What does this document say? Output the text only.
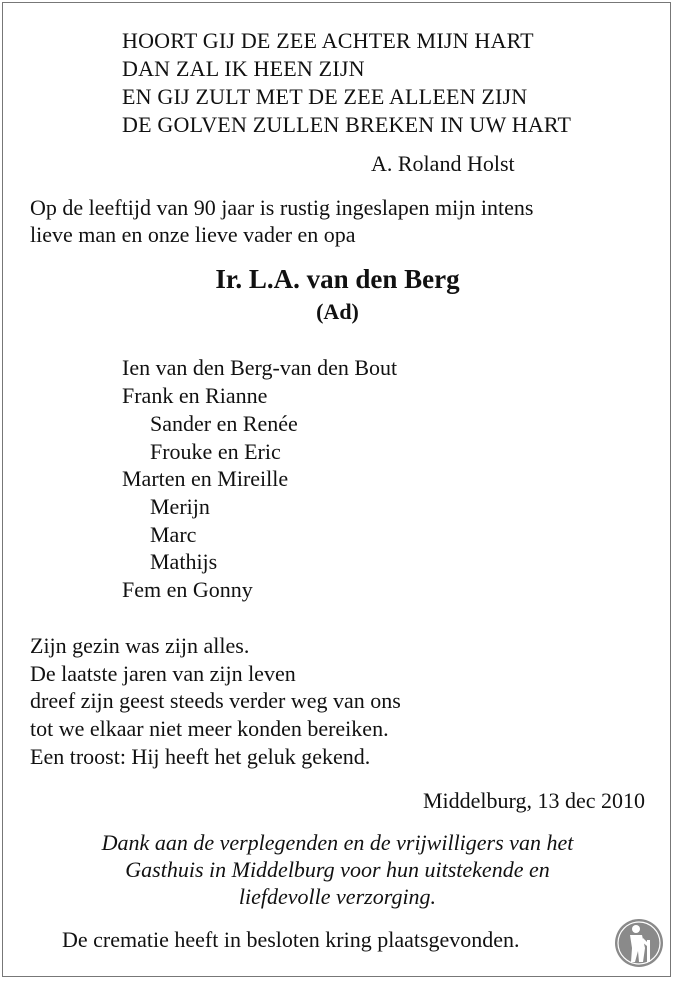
HOORT GIJ DE ZEE ACHTER MIJN HART
DAN ZAL IK HEEN ZIJN
EN GIJ ZULT MET DE ZEE ALLEEN ZIJN
DE GOLVEN ZULLEN BREKEN IN UW HART
A. Roland Holst
Op de leeftijd van 90 jaar is rustig ingeslapen mijn intens
lieve man en onze lieve vader en opa
Ir. L.A. van den Berg
(Ad)
Ien van den Berg-van den Bout
Frank en Rianne
Sander en Renée
Frouke en Eric
Marten en Mireille
Merijn
Marc
Mathijs
Fem en Gonny
Zijn gezin was zijn alles.
De laatste jaren van zijn leven
dreef zijn geest steeds verder weg van ons
tot we elkaar niet meer konden bereiken.
Een troost: Hij heeft het geluk gekend.
Middelburg, 13 dec 2010
Dank aan de verplegenden en de vrijwilligers van het
Gasthuis in Middelburg voor hun uitstekende en
liefdevolle verzorging.
De crematie heeft in besloten kring plaatsgevonden.
